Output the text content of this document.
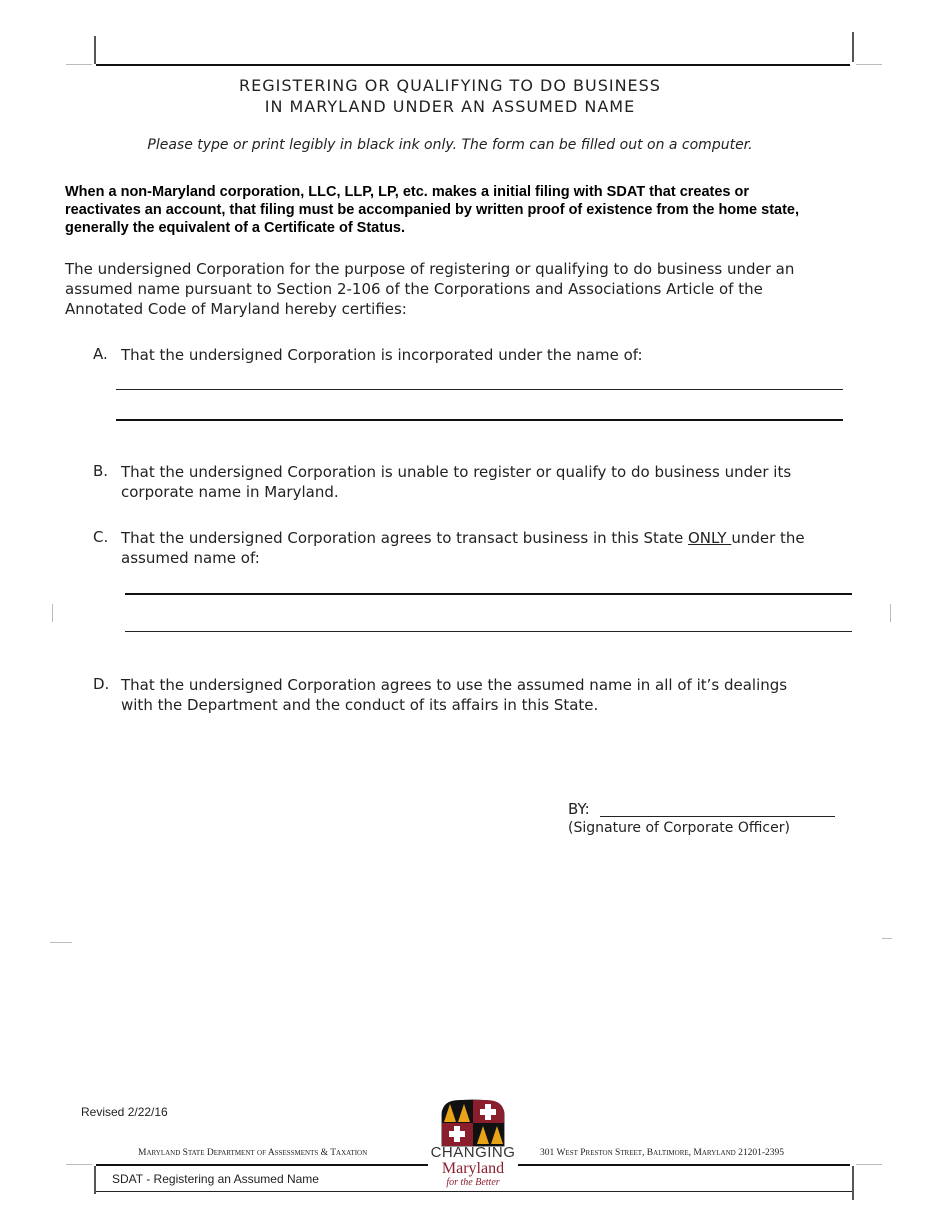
REGISTERING OR QUALIFYING TO DO BUSINESS
IN MARYLAND UNDER AN ASSUMED NAME
Please type or print legibly in black ink only. The form can be filled out on a computer.
When a non-Maryland corporation, LLC, LLP, LP, etc. makes a initial filing with SDAT that creates or reactivates an account, that filing must be accompanied by written proof of existence from the home state, generally the equivalent of a Certificate of Status.
The undersigned Corporation for the purpose of registering or qualifying to do business under an assumed name pursuant to Section 2-106 of the Corporations and Associations Article of the Annotated Code of Maryland hereby certifies:
A. That the undersigned Corporation is incorporated under the name of:
B. That the undersigned Corporation is unable to register or qualify to do business under its corporate name in Maryland.
C. That the undersigned Corporation agrees to transact business in this State ONLY under the assumed name of:
D. That the undersigned Corporation agrees to use the assumed name in all of it’s dealings with the Department and the conduct of its affairs in this State.
BY:
(Signature of Corporate Officer)
Revised 2/22/16
CHANGING
Maryland
for the Better
Maryland State Department of Assessments & Taxation	301 West Preston Street, Baltimore, Maryland 21201-2395
SDAT - Registering an Assumed Name
